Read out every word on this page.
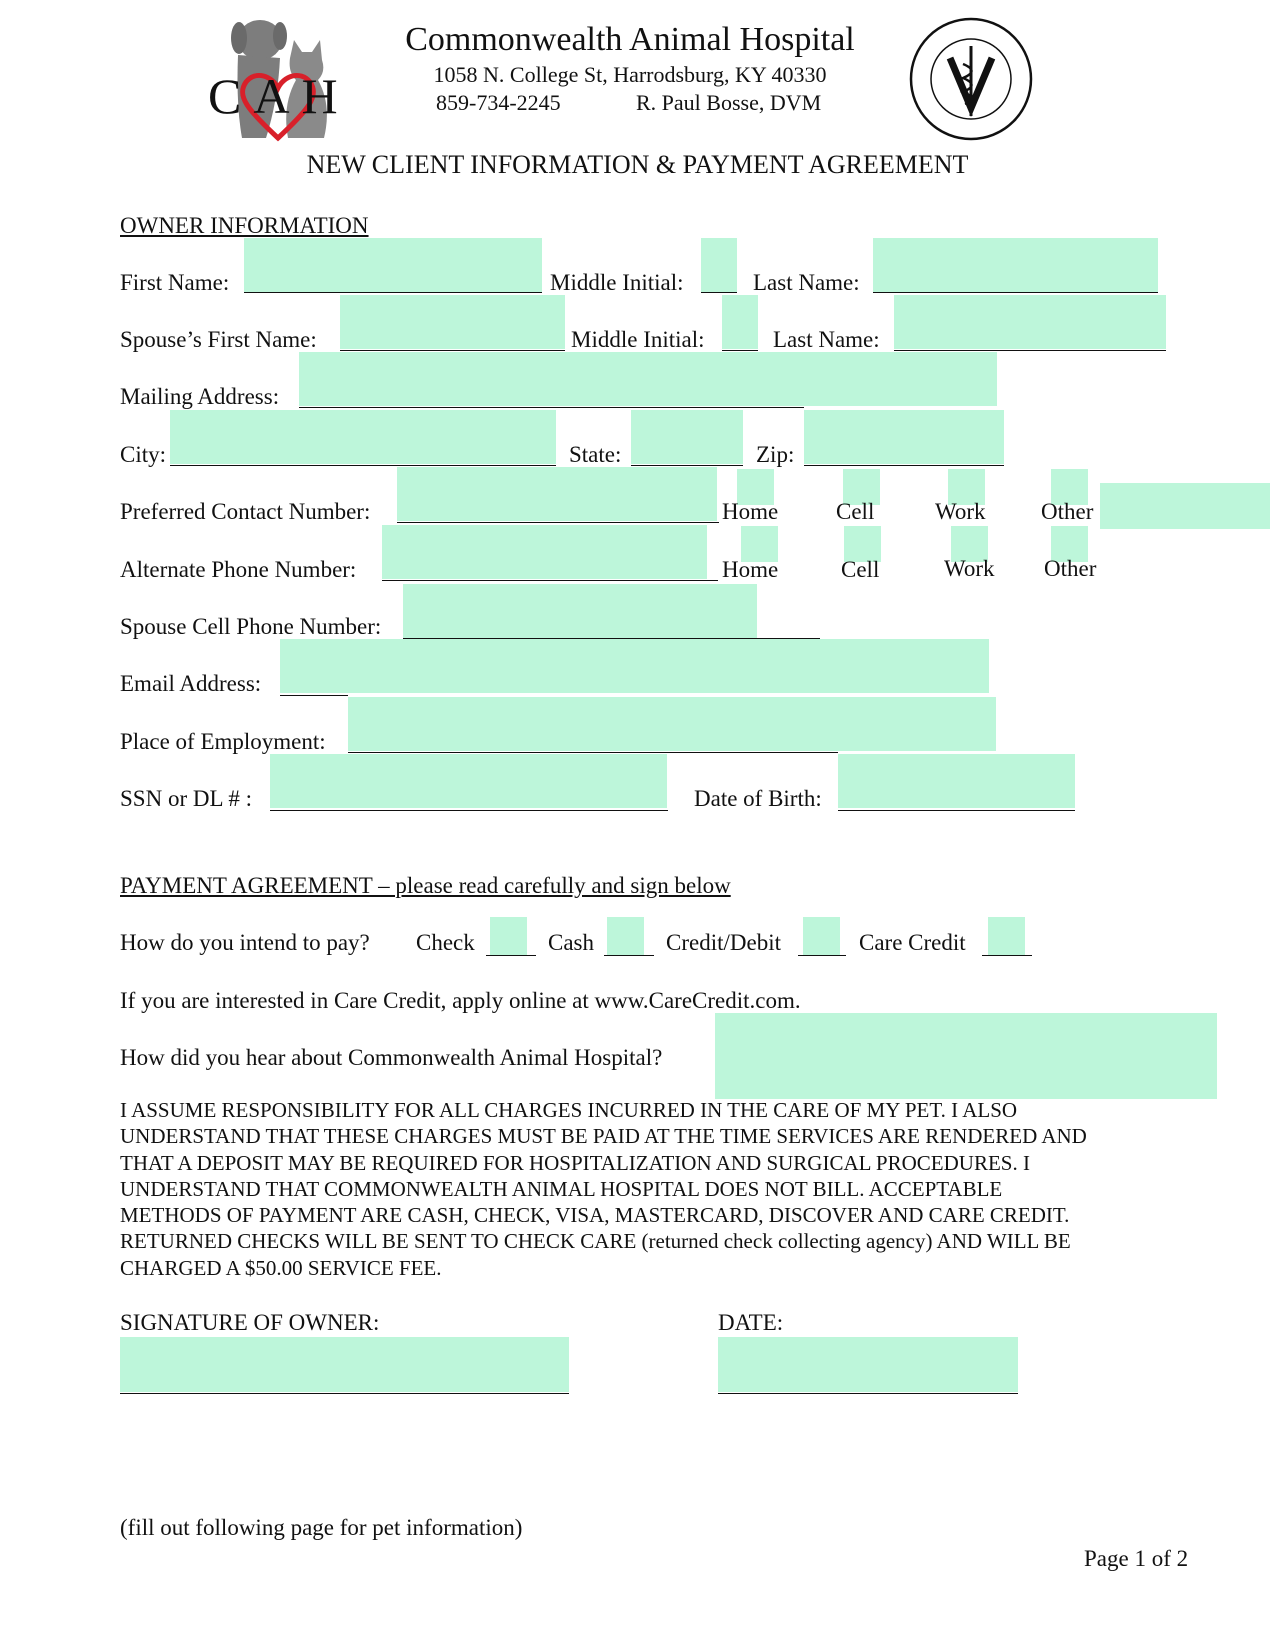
CAH
Commonwealth Animal Hospital
1058 N. College St, Harrodsburg, KY 40330
859-734-2245	R. Paul Bosse, DVM
NEW CLIENT INFORMATION & PAYMENT AGREEMENT
OWNER INFORMATION
First Name:	Middle Initial:	Last Name:
Spouse’s First Name:	Middle Initial:	Last Name:
Mailing Address:
City:	State:	Zip:
Preferred Contact Number:	Home	Cell	Work Other
Alternate Phone Number:	Home	Cell	Work Other
Spouse Cell Phone Number:
Email Address:
Place of Employment:
SSN or DL # :	Date of Birth:
PAYMENT AGREEMENT – please read carefully and sign below
How do you intend to pay? Check	Cash	Credit/Debit	Care Credit
If you are interested in Care Credit, apply online at www.CareCredit.com.
How did you hear about Commonwealth Animal Hospital?
I ASSUME RESPONSIBILITY FOR ALL CHARGES INCURRED IN THE CARE OF MY PET. I ALSO
UNDERSTAND THAT THESE CHARGES MUST BE PAID AT THE TIME SERVICES ARE RENDERED AND
THAT A DEPOSIT MAY BE REQUIRED FOR HOSPITALIZATION AND SURGICAL PROCEDURES. I
UNDERSTAND THAT COMMONWEALTH ANIMAL HOSPITAL DOES NOT BILL. ACCEPTABLE
METHODS OF PAYMENT ARE CASH, CHECK, VISA, MASTERCARD, DISCOVER AND CARE CREDIT.
RETURNED CHECKS WILL BE SENT TO CHECK CARE (returned check collecting agency) AND WILL BE
CHARGED A $50.00 SERVICE FEE.
SIGNATURE OF OWNER:	DATE:
(fill out following page for pet information)
Page 1 of 2
